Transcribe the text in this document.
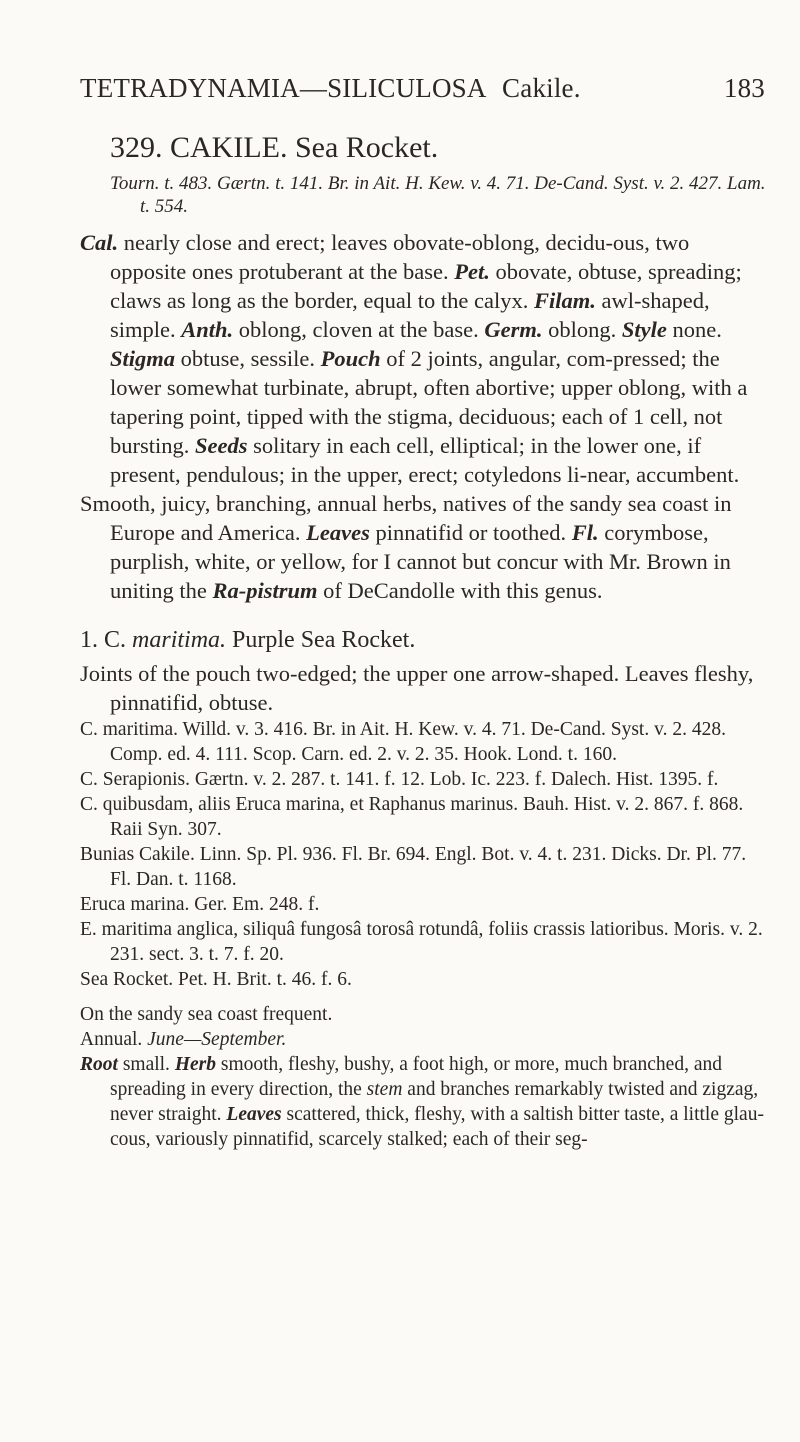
TETRADYNAMIA—SILICULOSA Cakile.	183

329. CAKILE. Sea Rocket.

Tourn. t. 483. Gærtn. t. 141. Br. in Ait. H. Kew. v. 4. 71. De-Cand. Syst. v. 2. 427. Lam. t. 554.

Cal. nearly close and erect; leaves obovate-oblong, decidu-ous, two opposite ones protuberant at the base. Pet. obovate, obtuse, spreading; claws as long as the border, equal to the calyx. Filam. awl-shaped, simple. Anth. oblong, cloven at the base. Germ. oblong. Style none. Stigma obtuse, sessile. Pouch of 2 joints, angular, com-pressed; the lower somewhat turbinate, abrupt, often abortive; upper oblong, with a tapering point, tipped with the stigma, deciduous; each of 1 cell, not bursting. Seeds solitary in each cell, elliptical; in the lower one, if present, pendulous; in the upper, erect; cotyledons li-near, accumbent.

Smooth, juicy, branching, annual herbs, natives of the sandy sea coast in Europe and America. Leaves pinnatifid or toothed. Fl. corymbose, purplish, white, or yellow, for I cannot but concur with Mr. Brown in uniting the Ra-pistrum of DeCandolle with this genus.

1. C. maritima. Purple Sea Rocket.

Joints of the pouch two-edged; the upper one arrow-shaped. Leaves fleshy, pinnatifid, obtuse.

C. maritima. Willd. v. 3. 416. Br. in Ait. H. Kew. v. 4. 71. De-Cand. Syst. v. 2. 428. Comp. ed. 4. 111. Scop. Carn. ed. 2. v. 2. 35. Hook. Lond. t. 160.

C. Serapionis. Gærtn. v. 2. 287. t. 141. f. 12. Lob. Ic. 223. f. Dalech. Hist. 1395. f.

C. quibusdam, aliis Eruca marina, et Raphanus marinus. Bauh. Hist. v. 2. 867. f. 868. Raii Syn. 307.

Bunias Cakile. Linn. Sp. Pl. 936. Fl. Br. 694. Engl. Bot. v. 4. t. 231. Dicks. Dr. Pl. 77. Fl. Dan. t. 1168.

Eruca marina. Ger. Em. 248. f.

E. maritima anglica, siliquâ fungosâ torosâ rotundâ, foliis crassis latioribus. Moris. v. 2. 231. sect. 3. t. 7. f. 20.

Sea Rocket. Pet. H. Brit. t. 46. f. 6.

On the sandy sea coast frequent.

Annual. June—September.

Root small. Herb smooth, fleshy, bushy, a foot high, or more, much branched, and spreading in every direction, the stem and branches remarkably twisted and zigzag, never straight. Leaves scattered, thick, fleshy, with a saltish bitter taste, a little glau-cous, variously pinnatifid, scarcely stalked; each of their seg-
